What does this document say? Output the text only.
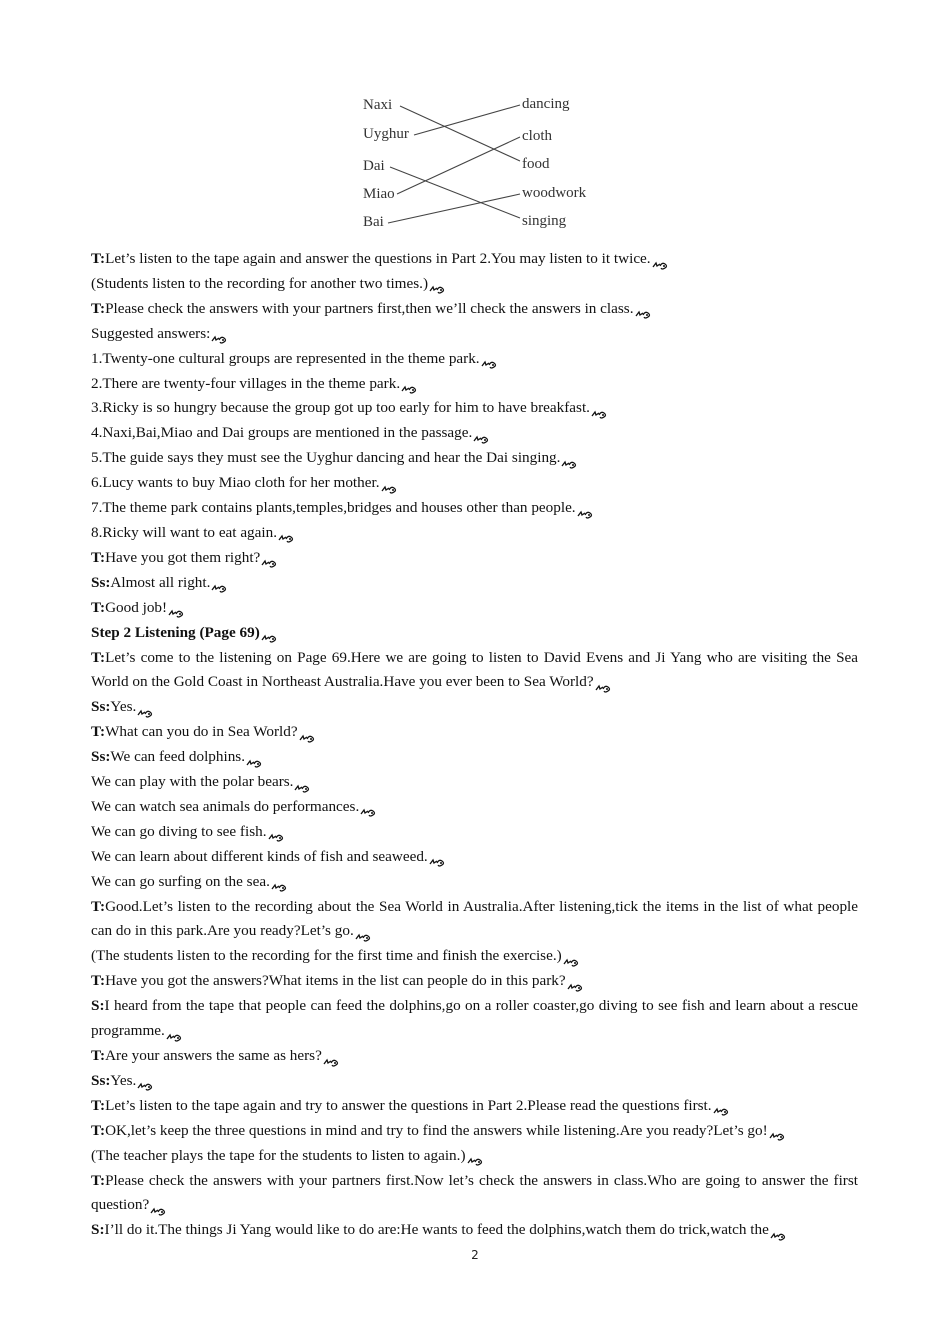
Naxi
Uyghur
Dai
Miao
Bai
dancing
cloth
food
woodwork
singing

T:Let’s listen to the tape again and answer the questions in Part 2.You may listen to it twice.

(Students listen to the recording for another two times.)

T:Please check the answers with your partners first,then we’ll check the answers in class.

Suggested answers:

1.Twenty-one cultural groups are represented in the theme park.

2.There are twenty-four villages in the theme park.

3.Ricky is so hungry because the group got up too early for him to have breakfast.

4.Naxi,Bai,Miao and Dai groups are mentioned in the passage.

5.The guide says they must see the Uyghur dancing and hear the Dai singing.

6.Lucy wants to buy Miao cloth for her mother.

7.The theme park contains plants,temples,bridges and houses other than people.

8.Ricky will want to eat again.

T:Have you got them right?

Ss:Almost all right.

T:Good job!

Step 2 Listening (Page 69)

T:Let’s come to the listening on Page 69.Here we are going to listen to David Evens and Ji Yang who are visiting the Sea World on the Gold Coast in Northeast Australia.Have you ever been to Sea World?

Ss:Yes.

T:What can you do in Sea World?

Ss:We can feed dolphins.

We can play with the polar bears.

We can watch sea animals do performances.

We can go diving to see fish.

We can learn about different kinds of fish and seaweed.

We can go surfing on the sea.

T:Good.Let’s listen to the recording about the Sea World in Australia.After listening,tick the items in the list of what people can do in this park.Are you ready?Let’s go.

(The students listen to the recording for the first time and finish the exercise.)

T:Have you got the answers?What items in the list can people do in this park?

S:I heard from the tape that people can feed the dolphins,go on a roller coaster,go diving to see fish and learn about a rescue programme.

T:Are your answers the same as hers?

Ss:Yes.

T:Let’s listen to the tape again and try to answer the questions in Part 2.Please read the questions first.

T:OK,let’s keep the three questions in mind and try to find the answers while listening.Are you ready?Let’s go!

(The teacher plays the tape for the students to listen to again.)

T:Please check the answers with your partners first.Now let’s check the answers in class.Who are going to answer the first question?

S:I’ll do it.The things Ji Yang would like to do are:He wants to feed the dolphins,watch them do trick,watch the

2
